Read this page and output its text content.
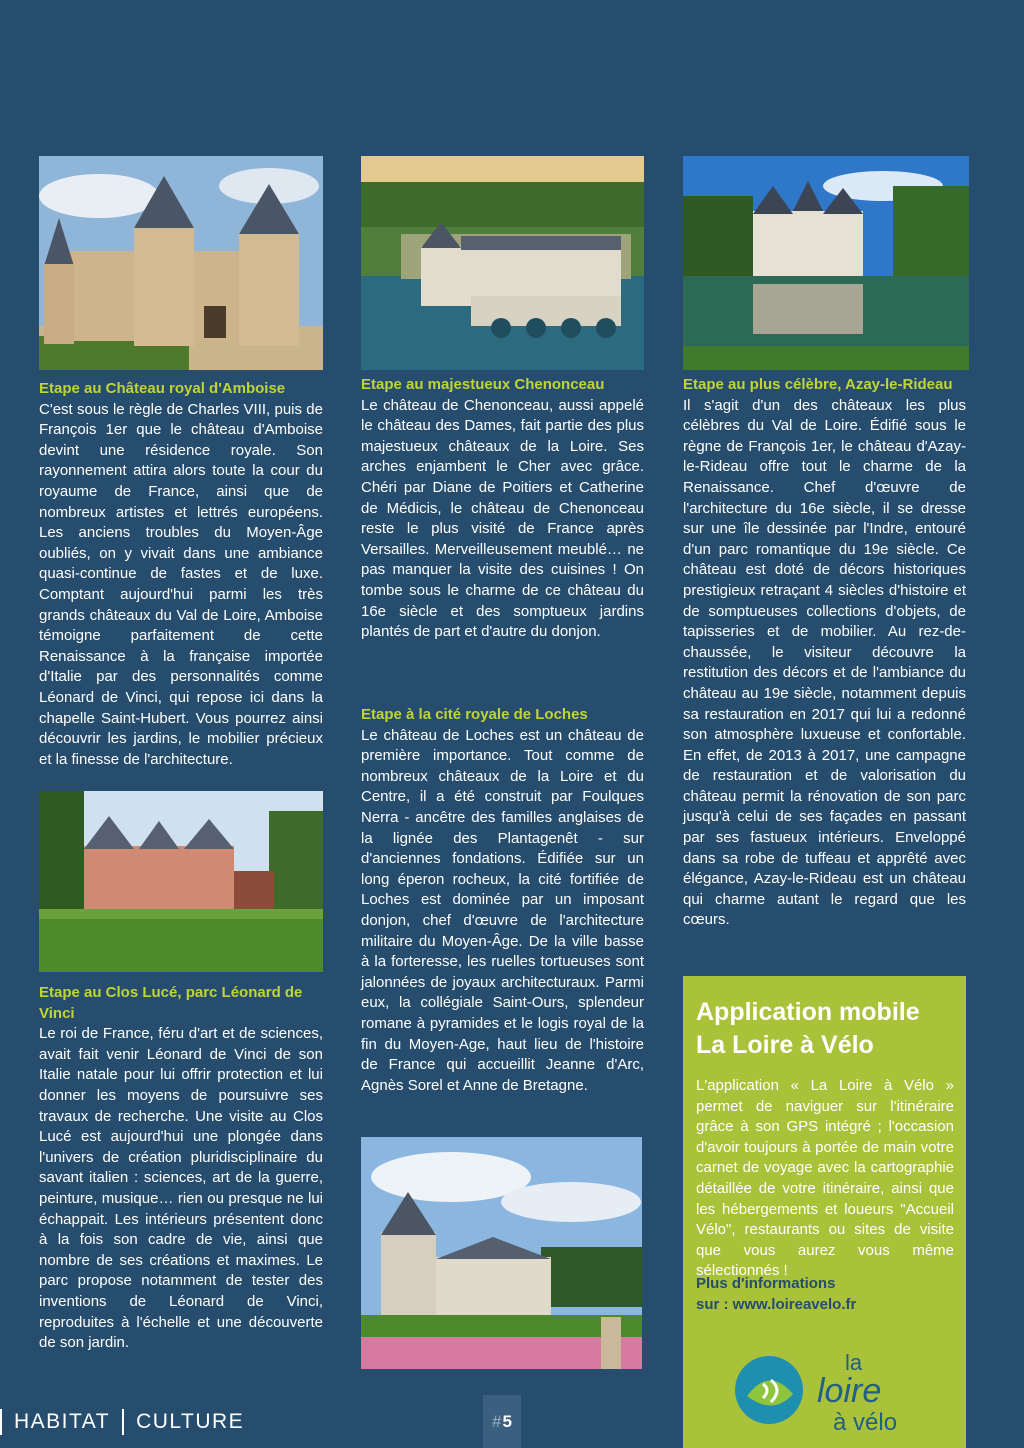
Etape au Château royal d'Amboise

C'est sous le règle de Charles VIII, puis de François 1er que le château d'Amboise devint une résidence royale. Son rayonnement attira alors toute la cour du royaume de France, ainsi que de nombreux artistes et lettrés européens. Les anciens troubles du Moyen-Âge oubliés, on y vivait dans une ambiance quasi-continue de fastes et de luxe. Comptant aujourd'hui parmi les très grands châteaux du Val de Loire, Amboise témoigne parfaitement de cette Renaissance à la française importée d'Italie par des personnalités comme Léonard de Vinci, qui repose ici dans la chapelle Saint-Hubert. Vous pourrez ainsi découvrir les jardins, le mobilier précieux et la finesse de l'architecture.

Etape au Clos Lucé, parc Léonard de Vinci

Le roi de France, féru d'art et de sciences, avait fait venir Léonard de Vinci de son Italie natale pour lui offrir protection et lui donner les moyens de poursuivre ses travaux de recherche. Une visite au Clos Lucé est aujourd'hui une plongée dans l'univers de création pluridisciplinaire du savant italien : sciences, art de la guerre, peinture, musique… rien ou presque ne lui échappait. Les intérieurs présentent donc à la fois son cadre de vie, ainsi que nombre de ses créations et maximes. Le parc propose notamment de tester des inventions de Léonard de Vinci, reproduites à l'échelle et une découverte de son jardin.

Etape au majestueux Chenonceau

Le château de Chenonceau, aussi appelé le château des Dames, fait partie des plus majestueux châteaux de la Loire. Ses arches enjambent le Cher avec grâce. Chéri par Diane de Poitiers et Catherine de Médicis, le château de Chenonceau reste le plus visité de France après Versailles. Merveilleusement meublé… ne pas manquer la visite des cuisines ! On tombe sous le charme de ce château du 16e siècle et des somptueux jardins plantés de part et d'autre du donjon.

Etape à la cité royale de Loches

Le château de Loches est un château de première importance. Tout comme de nombreux châteaux de la Loire et du Centre, il a été construit par Foulques Nerra - ancêtre des familles anglaises de la lignée des Plantagenêt - sur d'anciennes fondations. Édifiée sur un long éperon rocheux, la cité fortifiée de Loches est dominée par un imposant donjon, chef d'œuvre de l'architecture militaire du Moyen-Âge. De la ville basse à la forteresse, les ruelles tortueuses sont jalonnées de joyaux architecturaux. Parmi eux, la collégiale Saint-Ours, splendeur romane à pyramides et le logis royal de la fin du Moyen-Age, haut lieu de l'histoire de France qui accueillit Jeanne d'Arc, Agnès Sorel et Anne de Bretagne.

Etape au plus célèbre, Azay-le-Rideau

Il s'agit d'un des châteaux les plus célèbres du Val de Loire. Édifié sous le règne de François 1er, le château d'Azay-le-Rideau offre tout le charme de la Renaissance. Chef d'œuvre de l'architecture du 16e siècle, il se dresse sur une île dessinée par l'Indre, entouré d'un parc romantique du 19e siècle. Ce château est doté de décors historiques prestigieux retraçant 4 siècles d'histoire et de somptueuses collections d'objets, de tapisseries et de mobilier. Au rez-de-chaussée, le visiteur découvre la restitution des décors et de l'ambiance du château au 19e siècle, notamment depuis sa restauration en 2017 qui lui a redonné son atmosphère luxueuse et confortable. En effet, de 2013 à 2017, une campagne de restauration et de valorisation du château permit la rénovation de son parc jusqu'à celui de ses façades en passant par ses fastueux intérieurs. Enveloppé dans sa robe de tuffeau et apprêté avec élégance, Azay-le-Rideau est un château qui charme autant le regard que les cœurs.

Application mobile
La Loire à Vélo

L'application « La Loire à Vélo » permet de naviguer sur l'itinéraire grâce à son GPS intégré ; l'occasion d'avoir toujours à portée de main votre carnet de voyage avec la cartographie détaillée de votre itinéraire, ainsi que les hébergements et loueurs "Accueil Vélo", restaurants ou sites de visite que vous aurez vous même sélectionnés !

Plus d'informations
sur : www.loireavelo.fr
la
loire
à vélo
HABITAT CULTURE	# 5
